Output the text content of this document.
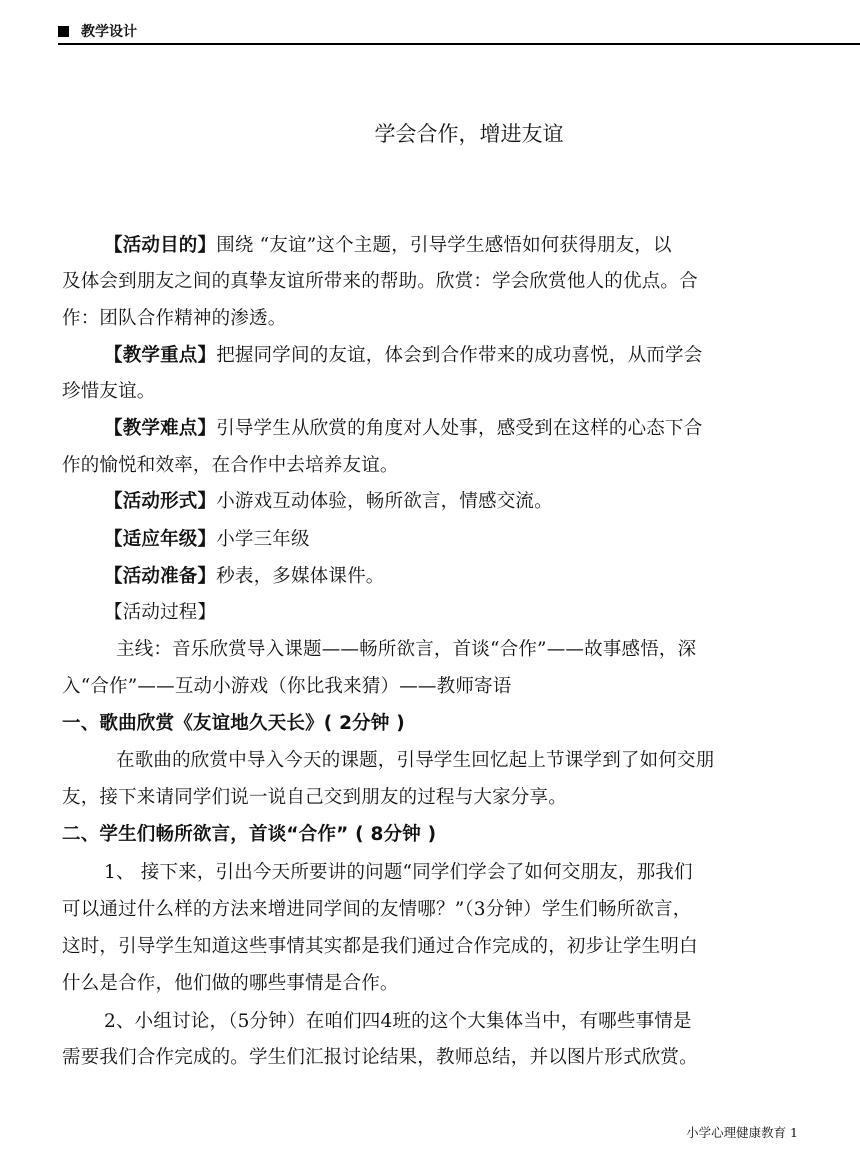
教学设计
学会合作，增进友谊
【活动目的】围绕 “友谊”这个主题，引导学生感悟如何获得朋友，以
及体会到朋友之间的真挚友谊所带来的帮助。欣赏：学会欣赏他人的优点。合
作：团队合作精神的渗透。
【教学重点】把握同学间的友谊，体会到合作带来的成功喜悦，从而学会
珍惜友谊。
【教学难点】引导学生从欣赏的角度对人处事，感受到在这样的心态下合
作的愉悦和效率，在合作中去培养友谊。
【活动形式】小游戏互动体验，畅所欲言，情感交流。
【适应年级】小学三年级
【活动准备】秒表，多媒体课件。
【活动过程】
主线：音乐欣赏导入课题——畅所欲言，首谈“合作”——故事感悟，深
入“合作”——互动小游戏（你比我来猜）——教师寄语
一、歌曲欣赏《友谊地久天长》( 2分钟 )
在歌曲的欣赏中导入今天的课题，引导学生回忆起上节课学到了如何交朋
友，接下来请同学们说一说自己交到朋友的过程与大家分享。
二、学生们畅所欲言，首谈“合作” ( 8分钟 )
1、 接下来，引出今天所要讲的问题“同学们学会了如何交朋友，那我们
可以通过什么样的方法来增进同学间的友情哪？”（3分钟）学生们畅所欲言，
这时，引导学生知道这些事情其实都是我们通过合作完成的，初步让学生明白
什么是合作，他们做的哪些事情是合作。
2、小组讨论，（5分钟）在咱们四4班的这个大集体当中，有哪些事情是
需要我们合作完成的。学生们汇报讨论结果，教师总结，并以图片形式欣赏。
小学心理健康教育 1
